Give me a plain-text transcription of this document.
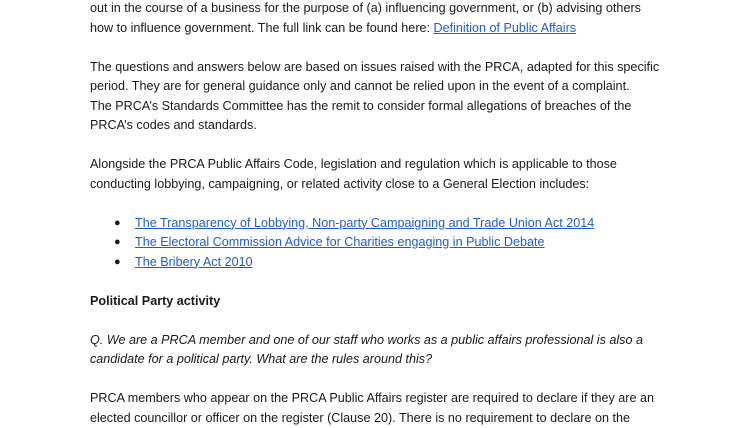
out in the course of a business for the purpose of (a) influencing government, or (b) advising others
how to influence government. The full link can be found here: Definition of Public Affairs

The questions and answers below are based on issues raised with the PRCA, adapted for this specific
period. They are for general guidance only and cannot be relied upon in the event of a complaint.
The PRCA’s Standards Committee has the remit to consider formal allegations of breaches of the
PRCA’s codes and standards.

Alongside the PRCA Public Affairs Code, legislation and regulation which is applicable to those
conducting lobbying, campaigning, or related activity close to a General Election includes:

● The Transparency of Lobbying, Non-party Campaigning and Trade Union Act 2014
● The Electoral Commission Advice for Charities engaging in Public Debate
● The Bribery Act 2010

Political Party activity

Q. We are a PRCA member and one of our staff who works as a public affairs professional is also a
candidate for a political party. What are the rules around this?

PRCA members who appear on the PRCA Public Affairs register are required to declare if they are an
elected councillor or officer on the register (Clause 20). There is no requirement to declare on the
